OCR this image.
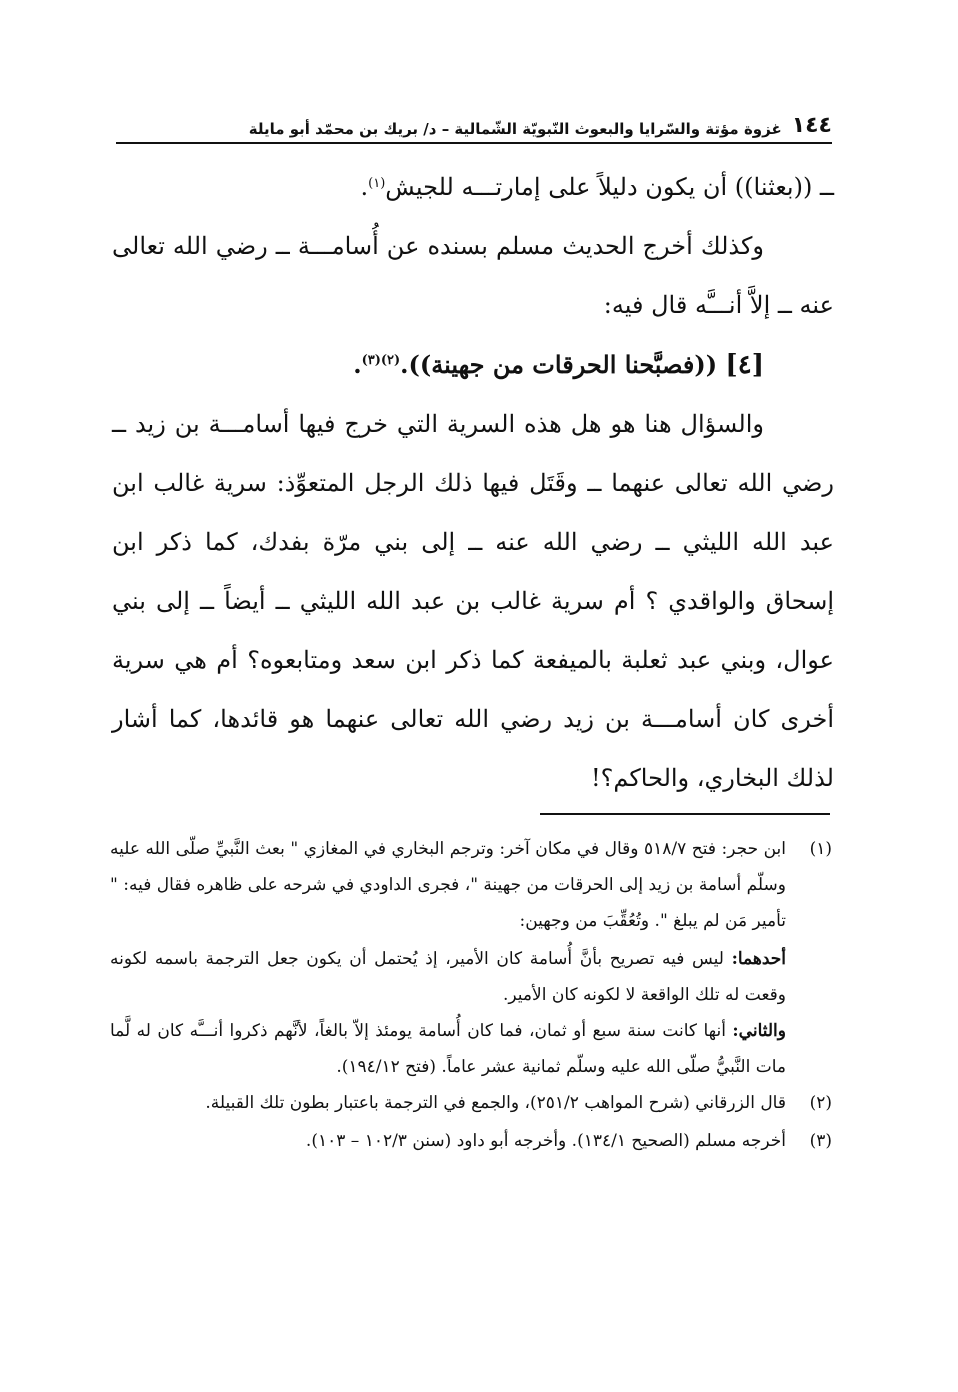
١٤٤
غزوة مؤتة والسّرايا والبعوث النّبويّة الشّمالية – د/ بريك بن محمّد أبو مايلة

ــ ((بعثنا)) أن يكون دليلاً على إمارتـــه للجيش$^{(١)}$.

وكذلك أخرج الحديث مسلم بسنده عن أُسامـــة ــ رضي الله تعالى عنه ــ إلاَّ أنـــَّه قال فيه:

[٤] ((فصبَّحنا الحرقات من جهينة)).$^{(٢)(٣)}$.

والسؤال هنا هو هل هذه السرية التي خرج فيها أسامـــة بن زيد ــ رضي الله تعالى عنهما ــ وقَتَل فيها ذلك الرجل المتعوِّذ: سرية غالب ابن عبد الله الليثي ــ رضي الله عنه ــ إلى بني مرّة بفدك، كما ذكر ابن إسحاق والواقدي ؟ أم سرية غالب بن عبد الله الليثي ــ أيضاً ــ إلى بني عوال، وبني عبد ثعلبة بالميفعة كما ذكر ابن سعد ومتابعوه؟ أم هي سرية أخرى كان أسامـــة بن زيد رضي الله تعالى عنهما هو قائدها، كما أشار لذلك البخاري، والحاكم؟!

(١)

ابن حجر: فتح ٥١٨/٧ وقال في مكان آخر: وترجم البخاري في المغازي " بعث النَّبيِّ صلّى الله عليه وسلّم أسامة بن زيد إلى الحرقات من جهينة "، فجرى الداودي في شرحه على ظاهره فقال فيه: " تأمير مَن لم يبلغ ". وتُعُقِّبَ من وجهين:

أحدهما: ليس فيه تصريح بأنَّ أُسامة كان الأمير، إذ يُحتمل أن يكون جعل الترجمة باسمه لكونه وقعت له تلك الواقعة لا لكونه كان الأمير.

والثاني: أنها كانت سنة سبع أو ثمان، فما كان أُسامة يومئذ إلاّ بالغاً، لأنَّهم ذكروا أنـــَّه كان له لَّما مات النَّبيُّ صلّى الله عليه وسلّم ثمانية عشر عاماً. (فتح ١٩٤/١٢).

(٢)

قال الزرقاني (شرح المواهب ٢٥١/٢)، والجمع في الترجمة باعتبار بطون تلك القبيلة.

(٣)

أخرجه مسلم (الصحيح ١٣٤/١). وأخرجه أبو داود (سنن ١٠٢/٣ – ١٠٣).
